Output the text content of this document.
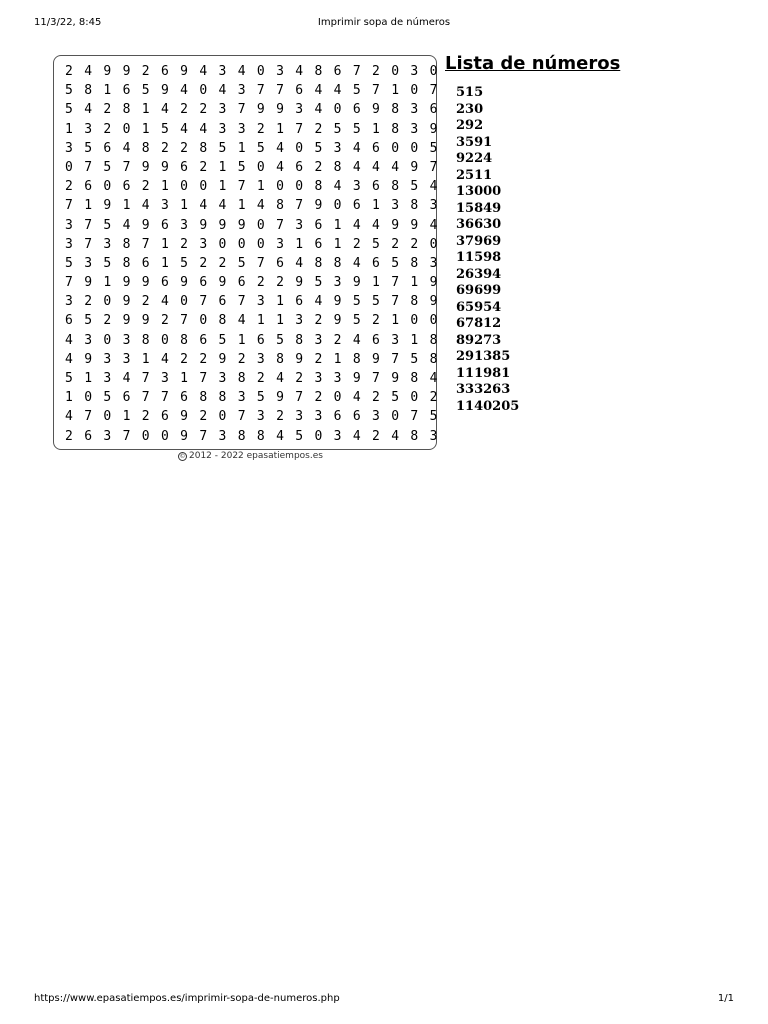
11/3/22, 8:45	Imprimir sopa de números
2 4 9 9 2 6 9 4 3 4 0 3 4 8 6 7 2 0 3 0
5 8 1 6 5 9 4 0 4 3 7 7 6 4 4 5 7 1 0 7
5 4 2 8 1 4 2 2 3 7 9 9 3 4 0 6 9 8 3 6
1 3 2 0 1 5 4 4 3 3 2 1 7 2 5 5 1 8 3 9
3 5 6 4 8 2 2 8 5 1 5 4 0 5 3 4 6 0 0 5
0 7 5 7 9 9 6 2 1 5 0 4 6 2 8 4 4 4 9 7
2 6 0 6 2 1 0 0 1 7 1 0 0 8 4 3 6 8 5 4
7 1 9 1 4 3 1 4 4 1 4 8 7 9 0 6 1 3 8 3
3 7 5 4 9 6 3 9 9 9 0 7 3 6 1 4 4 9 9 4
3 7 3 8 7 1 2 3 0 0 0 3 1 6 1 2 5 2 2 0
5 3 5 8 6 1 5 2 2 5 7 6 4 8 8 4 6 5 8 3
7 9 1 9 9 6 9 6 9 6 2 2 9 5 3 9 1 7 1 9
3 2 0 9 2 4 0 7 6 7 3 1 6 4 9 5 5 7 8 9
6 5 2 9 9 2 7 0 8 4 1 1 3 2 9 5 2 1 0 0
4 3 0 3 8 0 8 6 5 1 6 5 8 3 2 4 6 3 1 8
4 9 3 3 1 4 2 2 9 2 3 8 9 2 1 8 9 7 5 8
5 1 3 4 7 3 1 7 3 8 2 4 2 3 3 9 7 9 8 4
1 0 5 6 7 7 6 8 8 3 5 9 7 2 0 4 2 5 0 2
4 7 0 1 2 6 9 2 0 7 3 2 3 3 6 6 3 0 7 5
2 6 3 7 0 0 9 7 3 8 8 4 5 0 3 4 2 4 8 3
© 2012 - 2022 epasatiempos.es
Lista de números
515
230
292
3591
9224
2511
13000
15849
36630
37969
11598
26394
69699
65954
67812
89273
291385
111981
333263
1140205
https://www.epasatiempos.es/imprimir-sopa-de-numeros.php	1/1
